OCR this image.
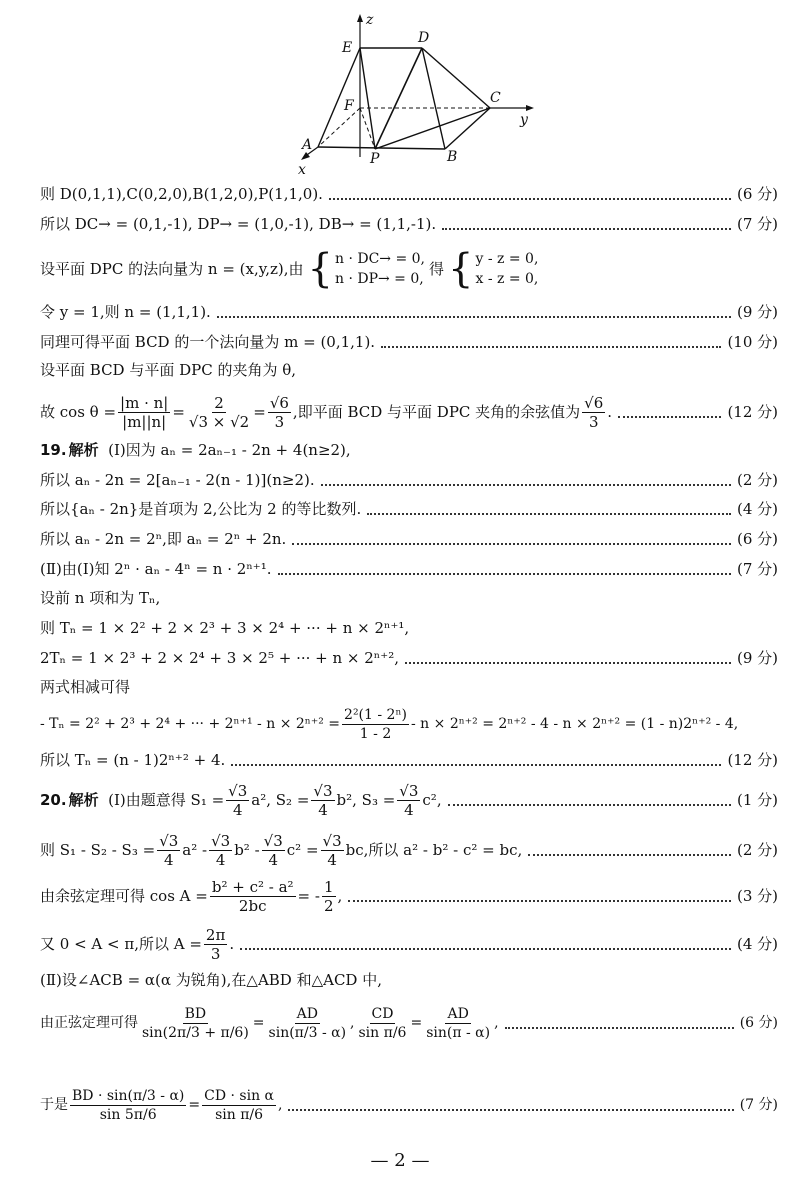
E
D
F	C
A
P	B
x
y
z
则 D(0,1,1),C(0,2,0),B(1,2,0),P(1,1,0).	(6 分)
所以 DC→ = (0,1,-1), DP→ = (1,0,-1), DB→ = (1,1,-1).	(7 分)
设平面 DPC 的法向量为 n = (x,y,z),由 { n · DC→ = 0,
n · DP→ = 0,
得 { y - z = 0,
x - z = 0,
令 y = 1,则 n = (1,1,1).	(9 分)
同理可得平面 BCD 的一个法向量为 m = (0,1,1).	(10 分)
设平面 BCD 与平面 DPC 的夹角为 θ,
故 $\cos \theta = \frac{|m \cdot n|}{|m||n|} = \frac{2}{√3 \times √2} = \frac{√6}{3}$ ,即平面 BCD 与平面 DPC 夹角的余弦值为 $\frac{√6}{3}$ .	(12 分)
19. 解析
(Ⅰ)因为 aₙ = 2aₙ₋₁ - 2n + 4(n≥2),
所以 aₙ - 2n = 2[aₙ₋₁ - 2(n - 1)](n≥2).	(2 分)
所以{aₙ - 2n}是首项为 2,公比为 2 的等比数列.	(4 分)
所以 aₙ - 2n = 2ⁿ,即 aₙ = 2ⁿ + 2n.	(6 分)
(Ⅱ)由(Ⅰ)知 2ⁿ · aₙ - 4ⁿ = n · 2ⁿ⁺¹.	(7 分)
设前 n 项和为 Tₙ,
则 Tₙ = 1 × 2² + 2 × 2³ + 3 × 2⁴ + ··· + n × 2ⁿ⁺¹,
2Tₙ = 1 × 2³ + 2 × 2⁴ + 3 × 2⁵ + ··· + n × 2ⁿ⁺²,	(9 分)
两式相减可得
- Tₙ = 2² + 2³ + 2⁴ + ··· + $2^{n+1} - n \times 2^{n+2} = \frac{\text{2²(1 - 2ⁿ)}}{1 - 2} - n \times 2^{n+2} = 2^{n+2} - 4 - n \times 2^{n+2} = (1 - n)2^{n+2} - 4$,
所以 Tₙ = (n - 1)2ⁿ⁺² + 4.	(12 分)
20. 解析
(Ⅰ)由题意得 $S_1 = \frac{√3}{4} a^2$, $S_2 = \frac{√3}{4} b^2$, $S_3 = \frac{√3}{4} c^2$,	(1 分)
则 $S_1 - S_2 - S_3 = \frac{√3}{4} a^2 - \frac{√3}{4} b^2 - \frac{√3}{4} c^2 = \frac{√3}{4}$ bc,所以 a² - b² - c² = bc,	(2 分)
由余弦定理可得 $\cos A = \frac{\text{b² + c² - a²}}{2bc}$ = - $\frac{1}{2}$ ,	(3 分)
又 0 < A < π,所以 $A = \frac{2\pi}{3}$ .	(4 分)
(Ⅱ)设∠ACB = α(α 为锐角),在△ABD 和△ACD 中,
由正弦定理可得 $\frac{BD}{\sin(2\pi/3 + \pi/6)} = \frac{AD}{\sin(\pi/3 - \alpha)}$ , $\frac{CD}{\text{sin π/6}} = \frac{AD}{\sin(\pi - \alpha)}$ ,	(6 分)
于是 $\frac{BD \cdot \sin(\pi/3 - \alpha)}{\sin 5\pi/6} = \frac{\text{CD · sin α}}{\text{sin π/6}}$ ,	(7 分)
— 2 —
